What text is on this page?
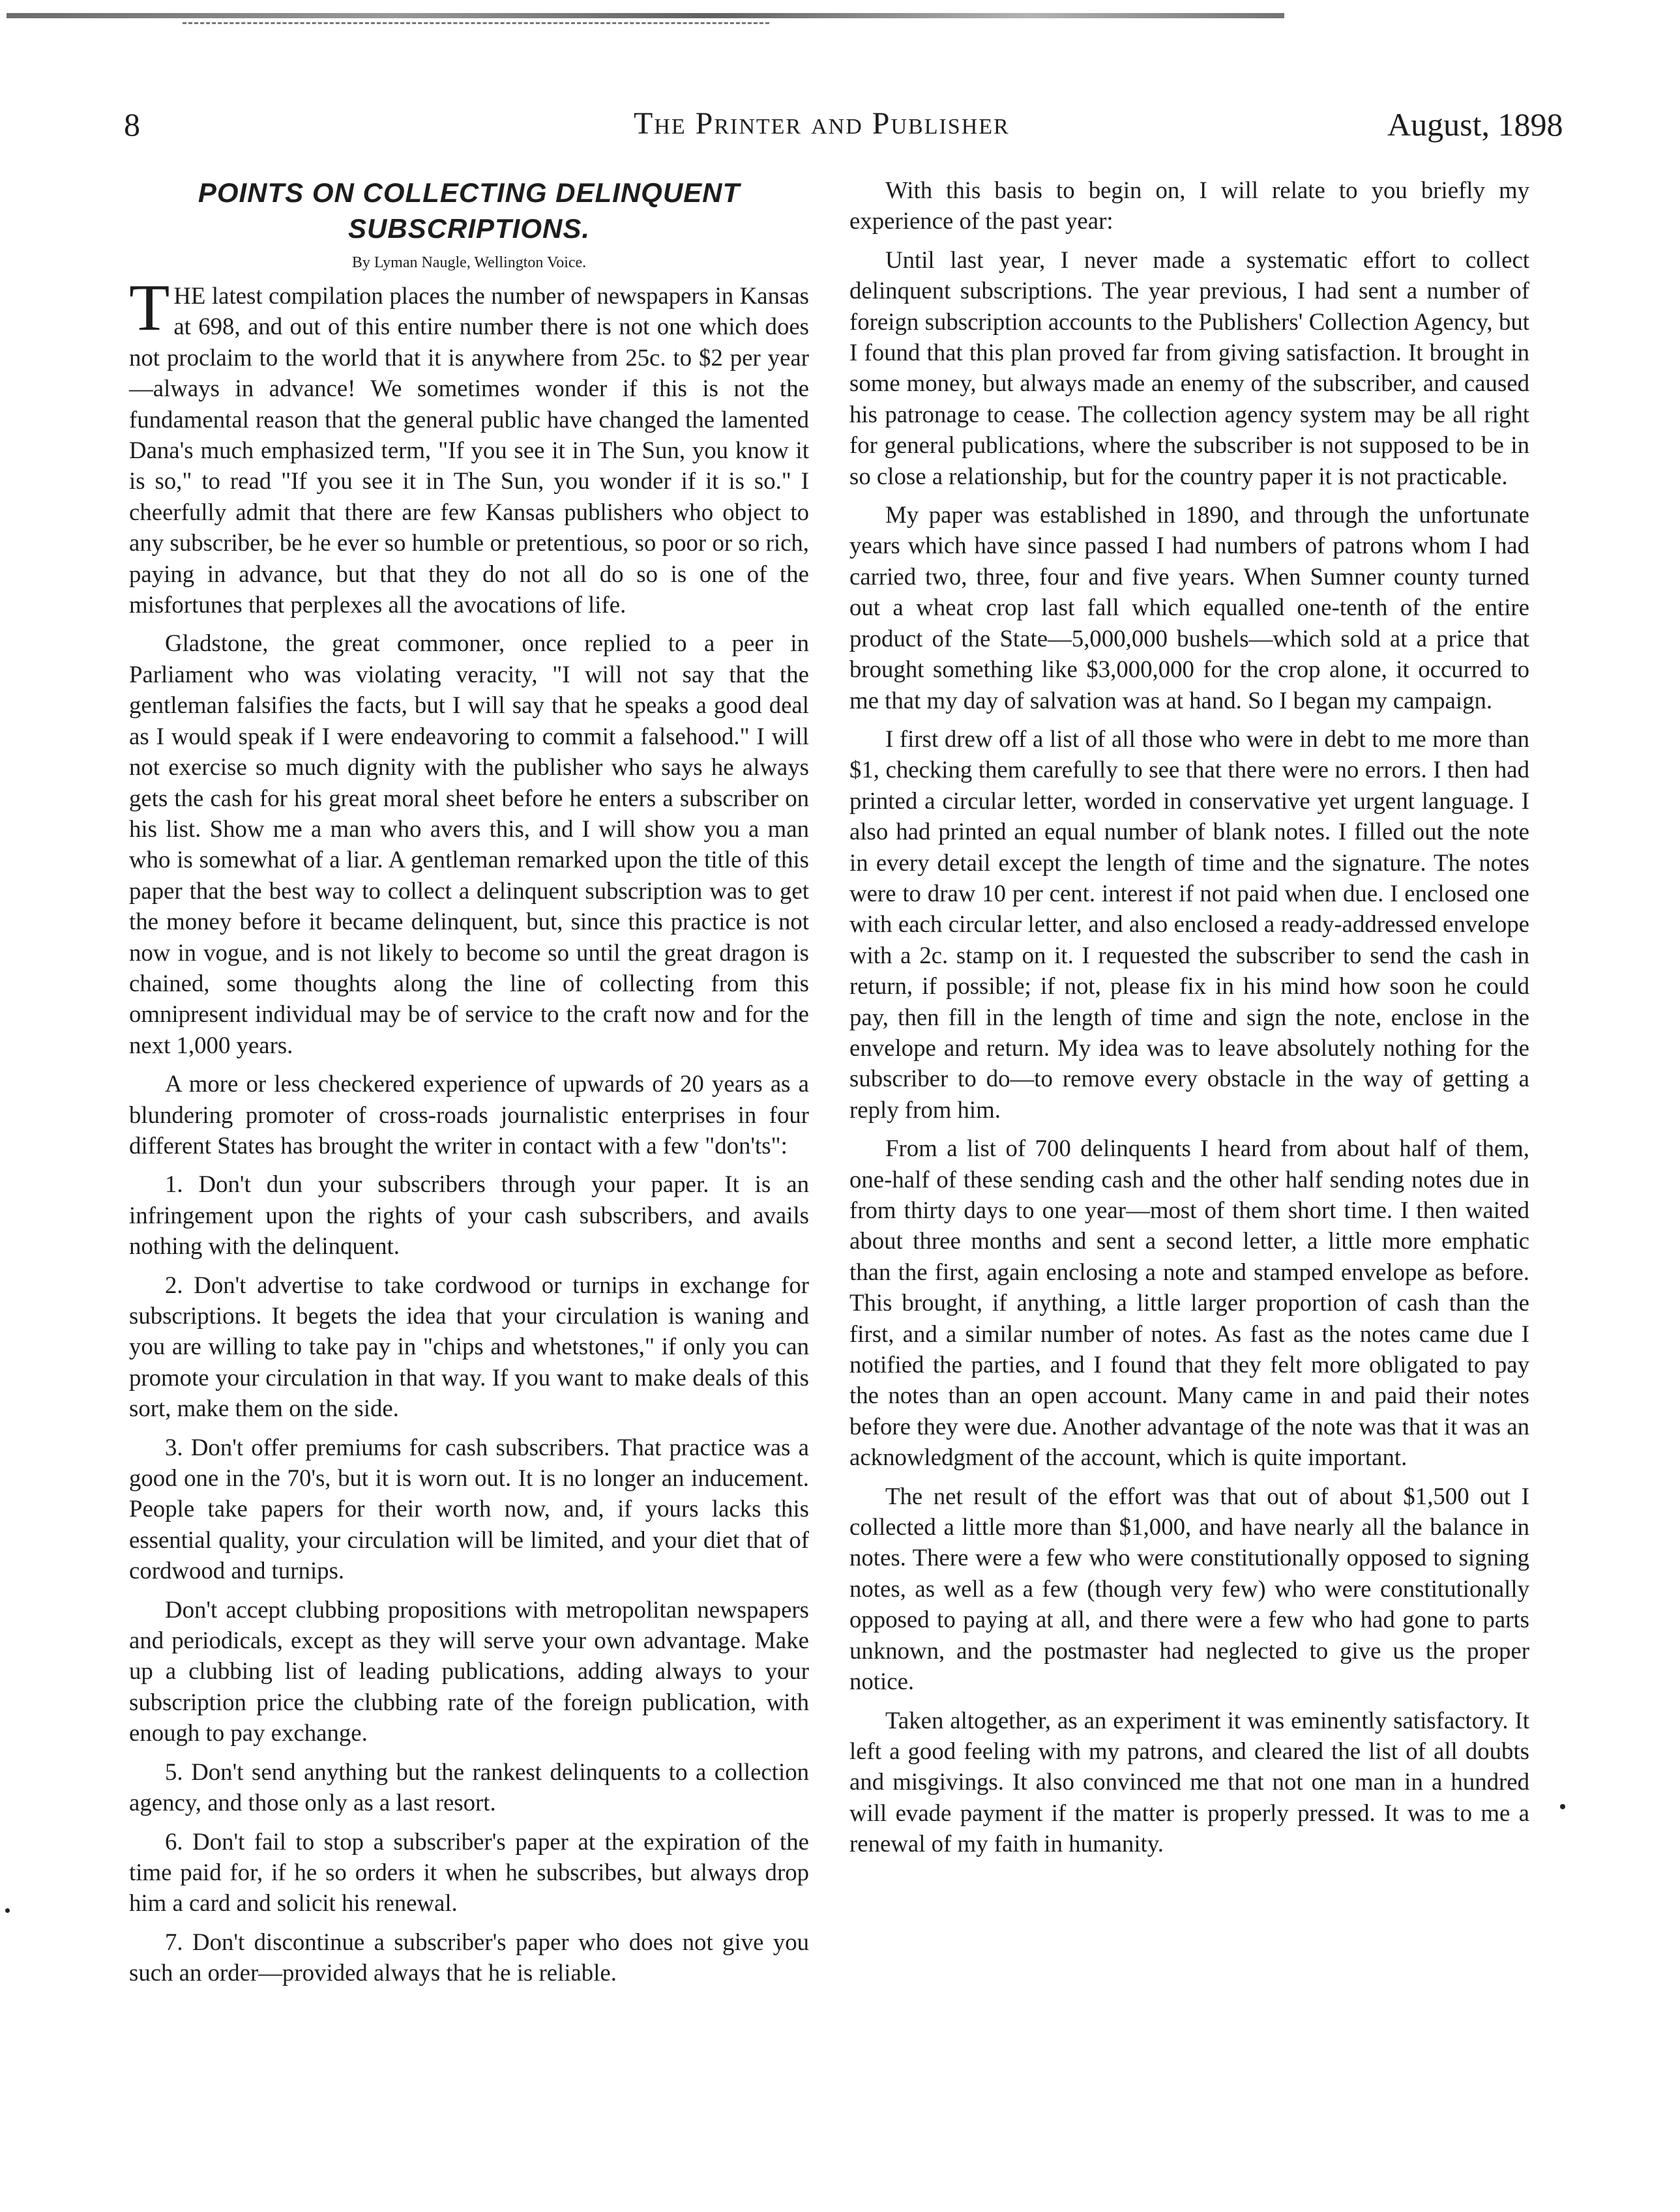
8	The Printer and Publisher	August, 1898
POINTS ON COLLECTING DELINQUENT
SUBSCRIPTIONS.
By Lyman Naugle, Wellington Voice.

THE latest compilation places the number of newspapers in Kansas at 698, and out of this entire number there is not one which does not proclaim to the world that it is anywhere from 25c. to $2 per year—always in advance! We sometimes wonder if this is not the fundamental reason that the general public have changed the lamented Dana's much emphasized term, "If you see it in The Sun, you know it is so," to read "If you see it in The Sun, you wonder if it is so." I cheerfully admit that there are few Kansas publishers who object to any subscriber, be he ever so humble or pretentious, so poor or so rich, paying in advance, but that they do not all do so is one of the misfortunes that perplexes all the avocations of life.

Gladstone, the great commoner, once replied to a peer in Parliament who was violating veracity, "I will not say that the gentleman falsifies the facts, but I will say that he speaks a good deal as I would speak if I were endeavoring to commit a falsehood." I will not exercise so much dignity with the publisher who says he always gets the cash for his great moral sheet before he enters a subscriber on his list. Show me a man who avers this, and I will show you a man who is somewhat of a liar. A gentleman remarked upon the title of this paper that the best way to collect a delinquent subscription was to get the money before it became delinquent, but, since this practice is not now in vogue, and is not likely to become so until the great dragon is chained, some thoughts along the line of collecting from this omnipresent individual may be of service to the craft now and for the next 1,000 years.

A more or less checkered experience of upwards of 20 years as a blundering promoter of cross-roads journalistic enterprises in four different States has brought the writer in contact with a few "don'ts":

1. Don't dun your subscribers through your paper. It is an infringement upon the rights of your cash subscribers, and avails nothing with the delinquent.

2. Don't advertise to take cordwood or turnips in exchange for subscriptions. It begets the idea that your circulation is waning and you are willing to take pay in "chips and whetstones," if only you can promote your circulation in that way. If you want to make deals of this sort, make them on the side.

3. Don't offer premiums for cash subscribers. That practice was a good one in the 70's, but it is worn out. It is no longer an inducement. People take papers for their worth now, and, if yours lacks this essential quality, your circulation will be limited, and your diet that of cordwood and turnips.

Don't accept clubbing propositions with metropolitan newspapers and periodicals, except as they will serve your own advantage. Make up a clubbing list of leading publications, adding always to your subscription price the clubbing rate of the foreign publication, with enough to pay exchange.

5. Don't send anything but the rankest delinquents to a collection agency, and those only as a last resort.

6. Don't fail to stop a subscriber's paper at the expiration of the time paid for, if he so orders it when he subscribes, but always drop him a card and solicit his renewal.

7. Don't discontinue a subscriber's paper who does not give you such an order—provided always that he is reliable.

With this basis to begin on, I will relate to you briefly my experience of the past year:

Until last year, I never made a systematic effort to collect delinquent subscriptions. The year previous, I had sent a number of foreign subscription accounts to the Publishers' Collection Agency, but I found that this plan proved far from giving satisfaction. It brought in some money, but always made an enemy of the subscriber, and caused his patronage to cease. The collection agency system may be all right for general publications, where the subscriber is not supposed to be in so close a relationship, but for the country paper it is not practicable.

My paper was established in 1890, and through the unfortunate years which have since passed I had numbers of patrons whom I had carried two, three, four and five years. When Sumner county turned out a wheat crop last fall which equalled one-tenth of the entire product of the State—5,000,000 bushels—which sold at a price that brought something like $3,000,000 for the crop alone, it occurred to me that my day of salvation was at hand. So I began my campaign.

I first drew off a list of all those who were in debt to me more than $1, checking them carefully to see that there were no errors. I then had printed a circular letter, worded in conservative yet urgent language. I also had printed an equal number of blank notes. I filled out the note in every detail except the length of time and the signature. The notes were to draw 10 per cent. interest if not paid when due. I enclosed one with each circular letter, and also enclosed a ready-addressed envelope with a 2c. stamp on it. I requested the subscriber to send the cash in return, if possible; if not, please fix in his mind how soon he could pay, then fill in the length of time and sign the note, enclose in the envelope and return. My idea was to leave absolutely nothing for the subscriber to do—to remove every obstacle in the way of getting a reply from him.

From a list of 700 delinquents I heard from about half of them, one-half of these sending cash and the other half sending notes due in from thirty days to one year—most of them short time. I then waited about three months and sent a second letter, a little more emphatic than the first, again enclosing a note and stamped envelope as before. This brought, if anything, a little larger proportion of cash than the first, and a similar number of notes. As fast as the notes came due I notified the parties, and I found that they felt more obligated to pay the notes than an open account. Many came in and paid their notes before they were due. Another advantage of the note was that it was an acknowledgment of the account, which is quite important.

The net result of the effort was that out of about $1,500 out I collected a little more than $1,000, and have nearly all the balance in notes. There were a few who were constitutionally opposed to signing notes, as well as a few (though very few) who were constitutionally opposed to paying at all, and there were a few who had gone to parts unknown, and the postmaster had neglected to give us the proper notice.

Taken altogether, as an experiment it was eminently satisfactory. It left a good feeling with my patrons, and cleared the list of all doubts and misgivings. It also convinced me that not one man in a hundred will evade payment if the matter is properly pressed. It was to me a renewal of my faith in humanity.
